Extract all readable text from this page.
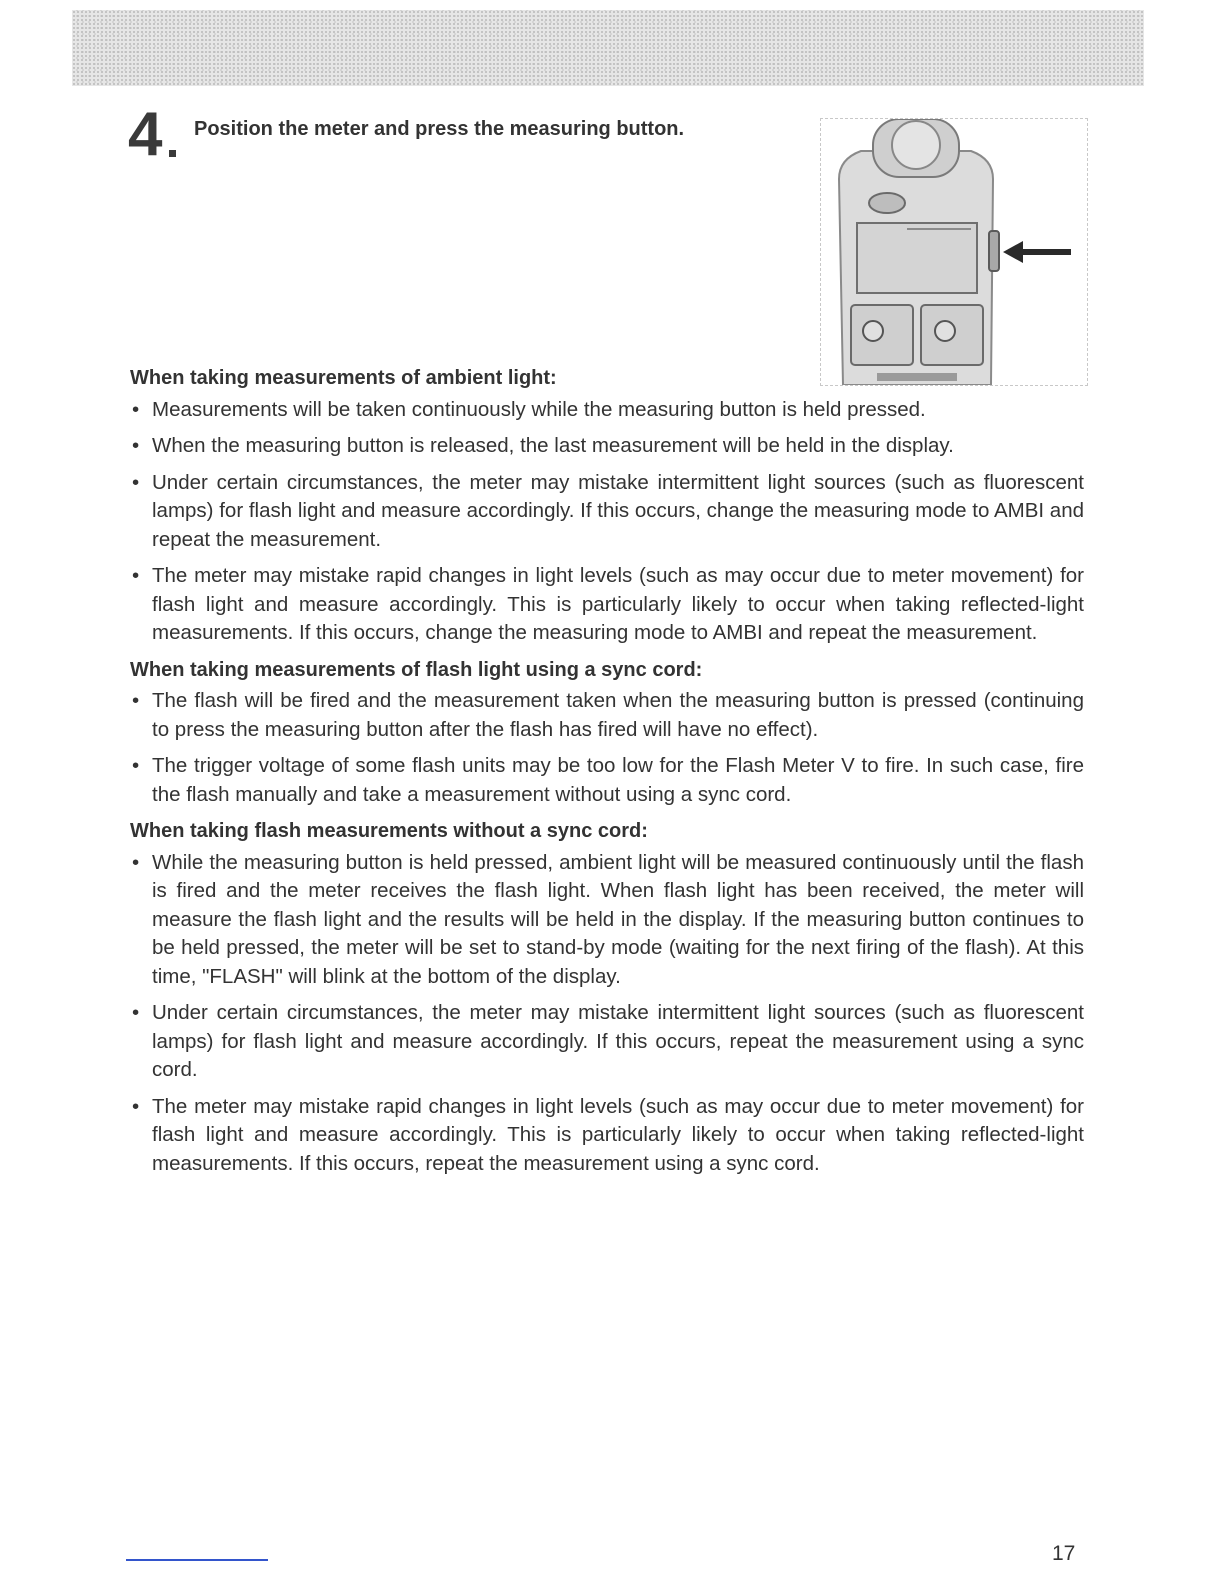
4 Position the meter and press the measuring button.
When taking measurements of ambient light:
• Measurements will be taken continuously while the measuring button is held pressed.
• When the measuring button is released, the last measurement will be held in the display.
• Under certain circumstances, the meter may mistake intermittent light sources (such as fluorescent lamps) for flash light and measure accordingly. If this occurs, change the measuring mode to AMBI and repeat the measurement.
• The meter may mistake rapid changes in light levels (such as may occur due to meter movement) for flash light and measure accordingly. This is particularly likely to occur when taking reflected-light measurements. If this occurs, change the measuring mode to AMBI and repeat the measurement.
When taking measurements of flash light using a sync cord:
• The flash will be fired and the measurement taken when the measuring button is pressed (continuing to press the measuring button after the flash has fired will have no effect).
• The trigger voltage of some flash units may be too low for the Flash Meter V to fire. In such case, fire the flash manually and take a measurement without using a sync cord.
When taking flash measurements without a sync cord:
• While the measuring button is held pressed, ambient light will be measured continuously until the flash is fired and the meter receives the flash light. When flash light has been received, the meter will measure the flash light and the results will be held in the display. If the measuring button continues to be held pressed, the meter will be set to stand-by mode (waiting for the next firing of the flash). At this time, "FLASH" will blink at the bottom of the display.
• Under certain circumstances, the meter may mistake intermittent light sources (such as fluorescent lamps) for flash light and measure accordingly. If this occurs, repeat the measurement using a sync cord.
• The meter may mistake rapid changes in light levels (such as may occur due to meter movement) for flash light and measure accordingly. This is particularly likely to occur when taking reflected-light measurements. If this occurs, repeat the measurement using a sync cord.
17
